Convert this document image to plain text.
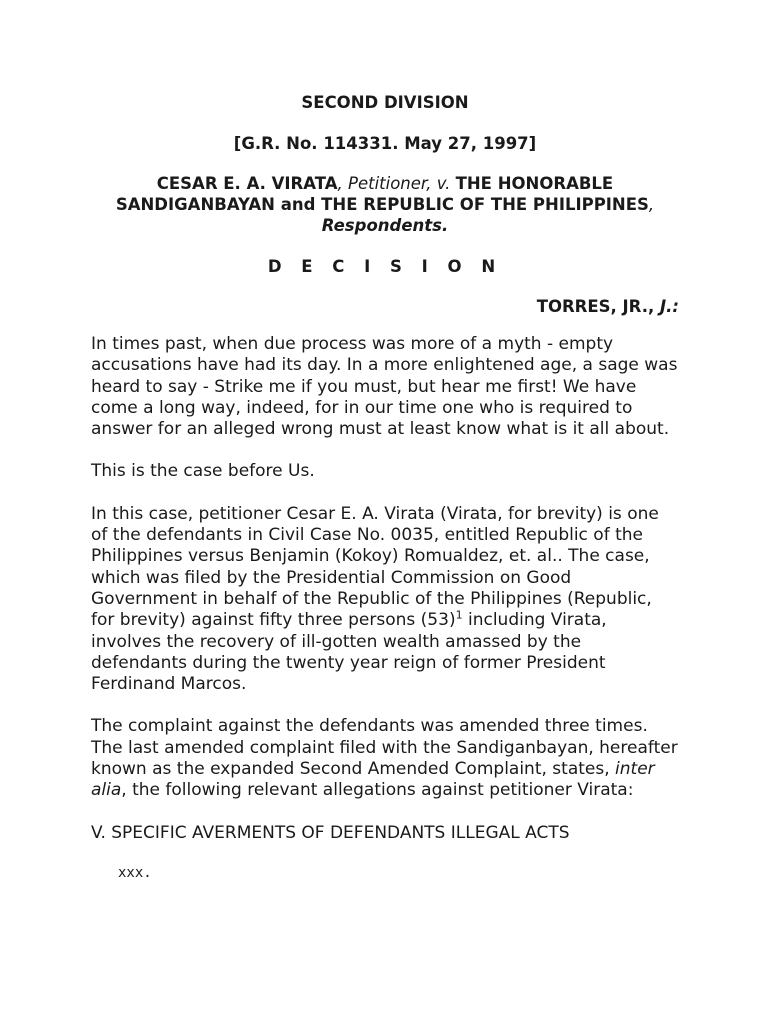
SECOND DIVISION

[G.R. No. 114331. May 27, 1997]

CESAR E. A. VIRATA, Petitioner, v. THE HONORABLE SANDIGANBAYAN and THE REPUBLIC OF THE PHILIPPINES, Respondents.

D E C I S I O N

TORRES, JR., J.:

In times past, when due process was more of a myth - empty accusations have had its day. In a more enlightened age, a sage was heard to say - Strike me if you must, but hear me first! We have come a long way, indeed, for in our time one who is required to answer for an alleged wrong must at least know what is it all about.

This is the case before Us.

In this case, petitioner Cesar E. A. Virata (Virata, for brevity) is one of the defendants in Civil Case No. 0035, entitled Republic of the Philippines versus Benjamin (Kokoy) Romualdez, et. al.. The case, which was filed by the Presidential Commission on Good Government in behalf of the Republic of the Philippines (Republic, for brevity) against fifty three persons $(53)^1$ including Virata, involves the recovery of ill-gotten wealth amassed by the defendants during the twenty year reign of former President Ferdinand Marcos.

The complaint against the defendants was amended three times. The last amended complaint filed with the Sandiganbayan, hereafter known as the expanded Second Amended Complaint, states, inter alia, the following relevant allegations against petitioner Virata:

V. SPECIFIC AVERMENTS OF DEFENDANTS ILLEGAL ACTS

xxx.
